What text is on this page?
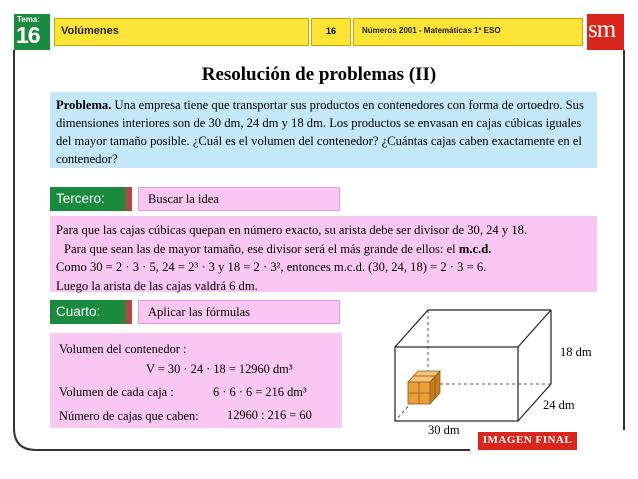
Tema:
16 Volúmenes	16	Números 2001 - Matemáticas 1º ESO	sm
Resolución de problemas (II)
Problema. Una empresa tiene que transportar sus productos en contenedores con forma de ortoedro. Sus dimensiones interiores son de 30 dm, 24 dm y 18 dm. Los productos se envasan en cajas cúbicas iguales del mayor tamaño posible. ¿Cuál es el volumen del contenedor? ¿Cuántas cajas caben exactamente en el contenedor?
Tercero:	Buscar la idea
Para que las cajas cúbicas quepan en número exacto, su arista debe ser divisor de 30, 24 y 18.
Para que sean las de mayor tamaño, ese divisor será el más grande de ellos: el m.c.d.
Como 30 = 2 · 3 · 5, 24 = 2³ · 3 y 18 = 2 · 3², entonces m.c.d. (30, 24, 18) = 2 · 3 = 6.
Luego la arista de las cajas valdrá 6 dm.
Cuarto:	Aplicar las fórmulas
Volumen del contenedor :
V = 30 · 24 · 18 = 12960 dm³
Volumen de cada caja :	6 · 6 · 6 = 216 dm³
Número de cajas que caben: 12960 : 216 = 60
18 dm
24 dm
30 dm
IMAGEN FINAL
